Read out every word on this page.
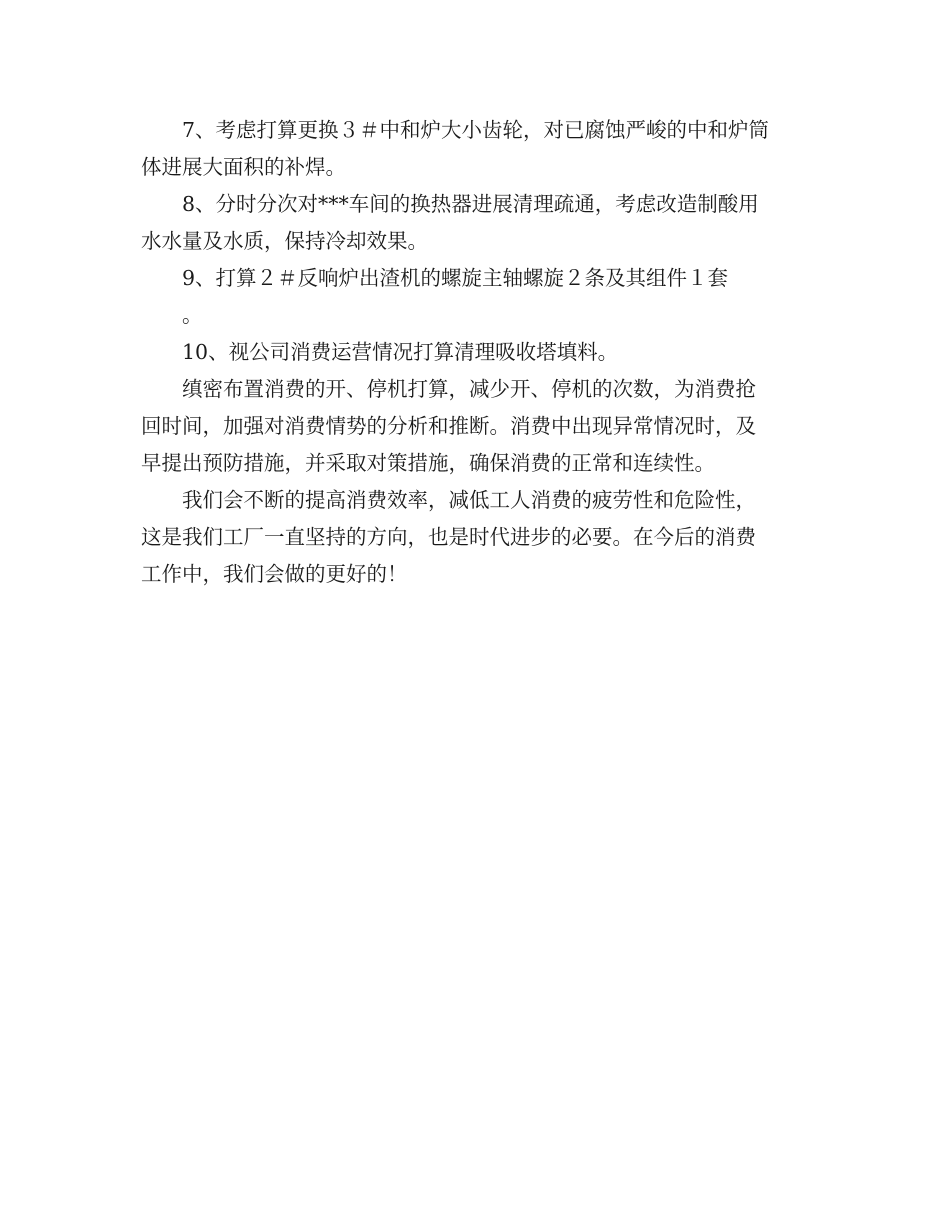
7、考虑打算更换３＃中和炉大小齿轮，对已腐蚀严峻的中和炉筒
体进展大面积的补焊。
8、分时分次对***车间的换热器进展清理疏通，考虑改造制酸用
水水量及水质，保持冷却效果。
9、打算２＃反响炉出渣机的螺旋主轴螺旋２条及其组件１套
。
10、视公司消费运营情况打算清理吸收塔填料。
缜密布置消费的开、停机打算，减少开、停机的次数，为消费抢
回时间，加强对消费情势的分析和推断。消费中出现异常情况时，及
早提出预防措施，并采取对策措施，确保消费的正常和连续性。
我们会不断的提高消费效率，减低工人消费的疲劳性和危险性，
这是我们工厂一直坚持的方向，也是时代进步的必要。在今后的消费
工作中，我们会做的更好的！
